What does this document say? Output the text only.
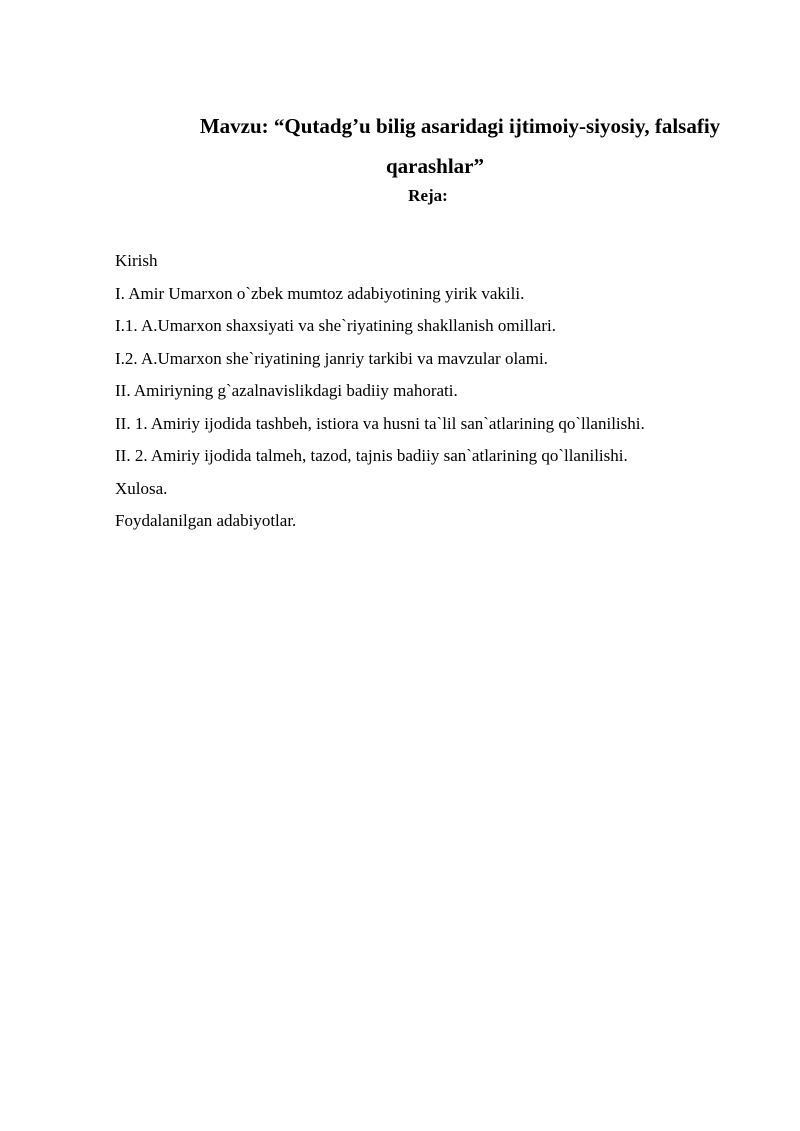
Mavzu: “Qutadg’u bilig asaridagi ijtimoiy-siyosiy, falsafiy
qarashlar”
Reja:
Kirish
I. Amir Umarxon o`zbek mumtoz adabiyotining yirik vakili.
I.1. A.Umarxon shaxsiyati va she`riyatining shakllanish omillari.
I.2. A.Umarxon she`riyatining janriy tarkibi va mavzular olami.
II. Amiriyning g`azalnavislikdagi badiiy mahorati.
II. 1. Amiriy ijodida tashbeh, istiora va husni ta`lil san`atlarining qo`llanilishi.
II. 2. Amiriy ijodida talmeh, tazod, tajnis badiiy san`atlarining qo`llanilishi.
Xulosa.
Foydalanilgan adabiyotlar.
